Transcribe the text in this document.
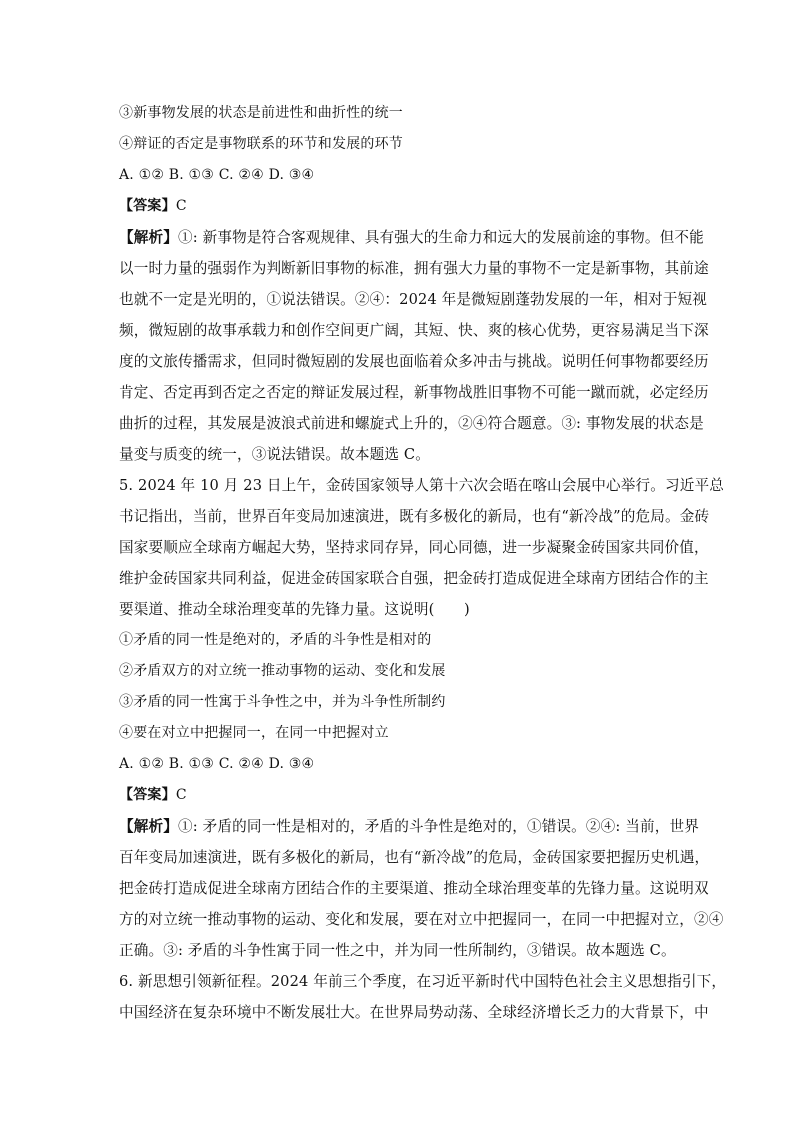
③新事物发展的状态是前进性和曲折性的统一
④辩证的否定是事物联系的环节和发展的环节
A. ①② B. ①③ C. ②④ D. ③④
【答案】C
【解析】①: 新事物是符合客观规律、具有强大的生命力和远大的发展前途的事物。但不能
以一时力量的强弱作为判断新旧事物的标准，拥有强大力量的事物不一定是新事物，其前途
也就不一定是光明的，①说法错误。②④：2024 年是微短剧蓬勃发展的一年，相对于短视
频，微短剧的故事承载力和创作空间更广阔，其短、快、爽的核心优势，更容易满足当下深
度的文旅传播需求，但同时微短剧的发展也面临着众多冲击与挑战。说明任何事物都要经历
肯定、否定再到否定之否定的辩证发展过程，新事物战胜旧事物不可能一蹴而就，必定经历
曲折的过程，其发展是波浪式前进和螺旋式上升的，②④符合题意。③: 事物发展的状态是
量变与质变的统一，③说法错误。故本题选 C。
5. 2024 年 10 月 23 日上午，金砖国家领导人第十六次会晤在喀山会展中心举行。习近平总
书记指出，当前，世界百年变局加速演进，既有多极化的新局，也有“新冷战”的危局。金砖
国家要顺应全球南方崛起大势，坚持求同存异，同心同德，进一步凝聚金砖国家共同价值，
维护金砖国家共同利益，促进金砖国家联合自强，把金砖打造成促进全球南方团结合作的主
要渠道、推动全球治理变革的先锋力量。这说明(　　)
①矛盾的同一性是绝对的，矛盾的斗争性是相对的
②矛盾双方的对立统一推动事物的运动、变化和发展
③矛盾的同一性寓于斗争性之中，并为斗争性所制约
④要在对立中把握同一，在同一中把握对立
A. ①② B. ①③ C. ②④ D. ③④
【答案】C
【解析】①: 矛盾的同一性是相对的，矛盾的斗争性是绝对的，①错误。②④: 当前，世界
百年变局加速演进，既有多极化的新局，也有“新冷战”的危局，金砖国家要把握历史机遇，
把金砖打造成促进全球南方团结合作的主要渠道、推动全球治理变革的先锋力量。这说明双
方的对立统一推动事物的运动、变化和发展，要在对立中把握同一，在同一中把握对立，②④
正确。③: 矛盾的斗争性寓于同一性之中，并为同一性所制约，③错误。故本题选 C。
6. 新思想引领新征程。2024 年前三个季度，在习近平新时代中国特色社会主义思想指引下，
中国经济在复杂环境中不断发展壮大。在世界局势动荡、全球经济增长乏力的大背景下，中
